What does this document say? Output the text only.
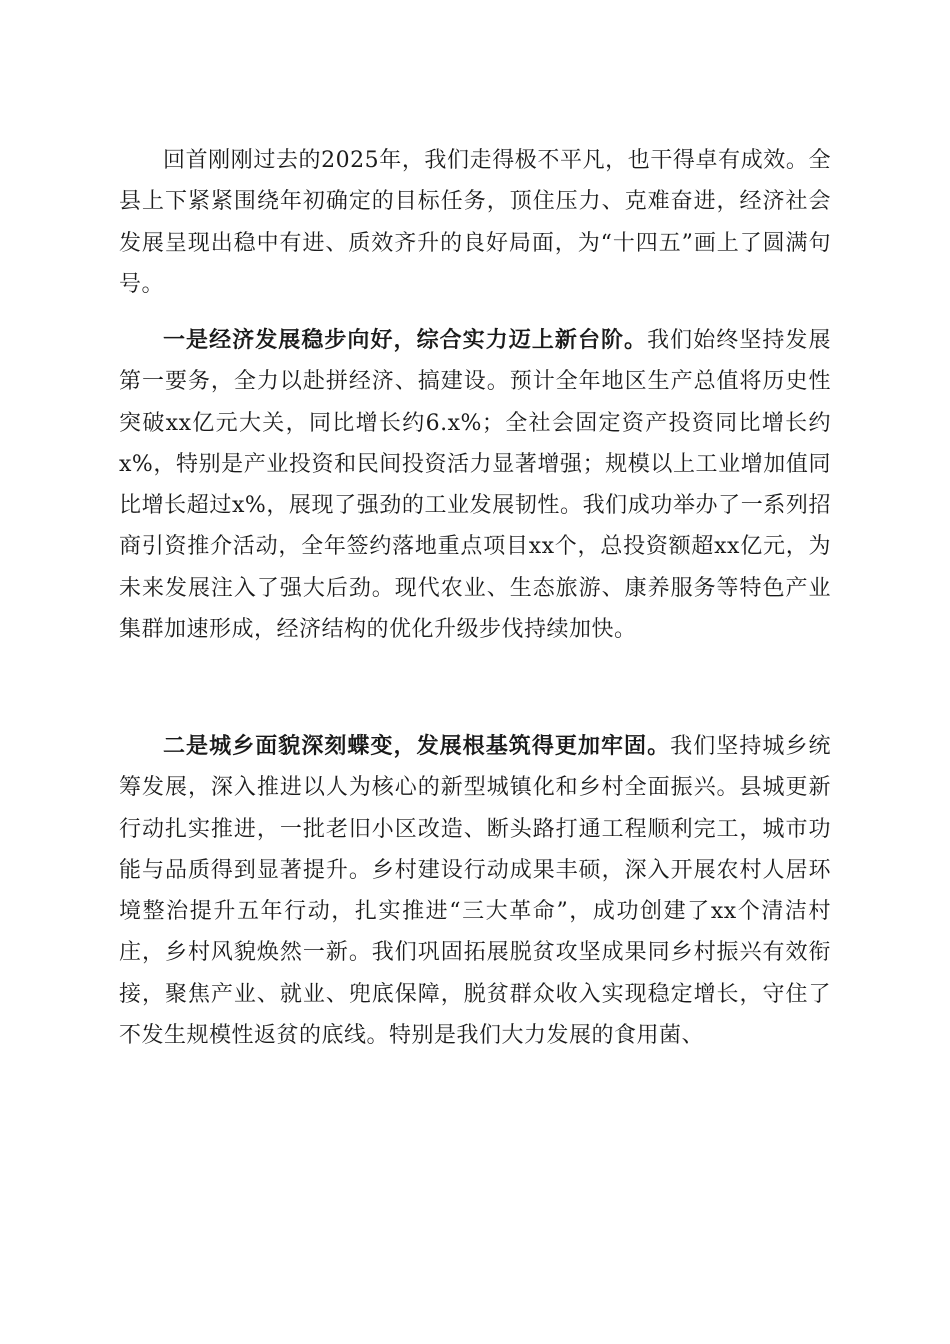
回首刚刚过去的2025年，我们走得极不平凡，也干得卓有成效。全县上下紧紧围绕年初确定的目标任务，顶住压力、克难奋进，经济社会发展呈现出稳中有进、质效齐升的良好局面，为“十四五”画上了圆满句号。

一是经济发展稳步向好，综合实力迈上新台阶。我们始终坚持发展第一要务，全力以赴拼经济、搞建设。预计全年地区生产总值将历史性突破xx亿元大关，同比增长约6.x%；全社会固定资产投资同比增长约x%，特别是产业投资和民间投资活力显著增强；规模以上工业增加值同比增长超过x%，展现了强劲的工业发展韧性。我们成功举办了一系列招商引资推介活动，全年签约落地重点项目xx个，总投资额超xx亿元，为未来发展注入了强大后劲。现代农业、生态旅游、康养服务等特色产业集群加速形成，经济结构的优化升级步伐持续加快。

二是城乡面貌深刻蝶变，发展根基筑得更加牢固。我们坚持城乡统筹发展，深入推进以人为核心的新型城镇化和乡村全面振兴。县城更新行动扎实推进，一批老旧小区改造、断头路打通工程顺利完工，城市功能与品质得到显著提升。乡村建设行动成果丰硕，深入开展农村人居环境整治提升五年行动，扎实推进“三大革命”，成功创建了xx个清洁村庄，乡村风貌焕然一新。我们巩固拓展脱贫攻坚成果同乡村振兴有效衔接，聚焦产业、就业、兜底保障，脱贫群众收入实现稳定增长，守住了不发生规模性返贫的底线。特别是我们大力发展的食用菌、
